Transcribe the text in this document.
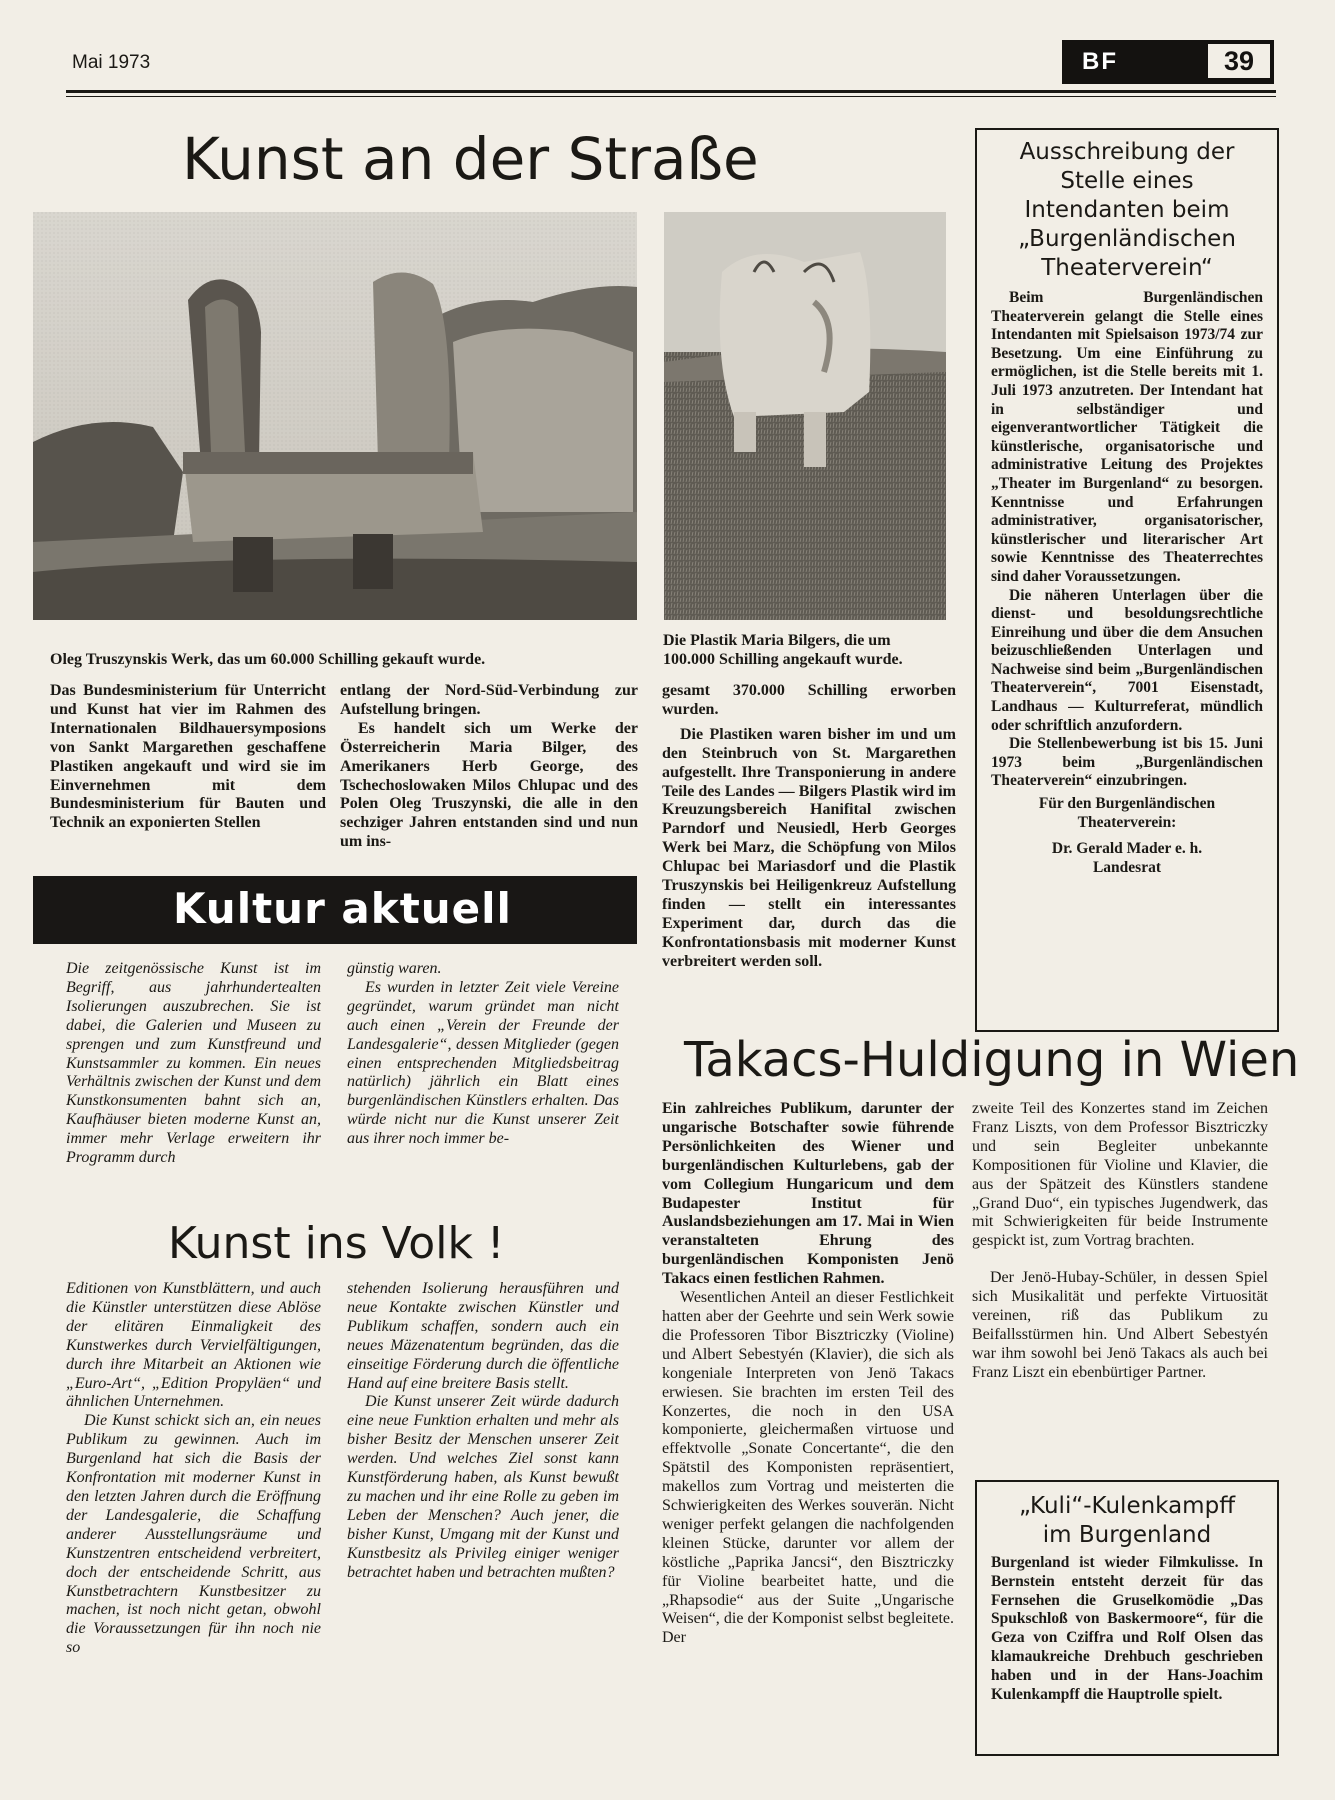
Mai 1973	BF	39
Kunst an der Straße
Oleg Truszynskis Werk, das um 60.000 Schilling gekauft wurde.
Die Plastik Maria Bilgers, die um
100.000 Schilling angekauft wurde.

Das Bundesministerium für Unterricht und Kunst hat vier im Rahmen des Internationalen Bildhauersymposions von Sankt Margarethen geschaffene Plastiken angekauft und wird sie im Einvernehmen mit dem Bundesministerium für Bauten und Technik an exponierten Stellen

entlang der Nord-Süd-Verbindung zur Aufstellung bringen.

Es handelt sich um Werke der Österreicherin Maria Bilger, des Amerikaners Herb George, des Tschechoslowaken Milos Chlupac und des Polen Oleg Truszynski, die alle in den sechziger Jahren entstanden sind und nun um ins-

gesamt 370.000 Schilling erworben wurden.

Die Plastiken waren bisher im und um den Steinbruch von St. Margarethen aufgestellt. Ihre Transponierung in andere Teile des Landes — Bilgers Plastik wird im Kreuzungsbereich Hanifital zwischen Parndorf und Neusiedl, Herb Georges Werk bei Marz, die Schöpfung von Milos Chlupac bei Mariasdorf und die Plastik Truszynskis bei Heiligenkreuz Aufstellung finden — stellt ein interessantes Experiment dar, durch das die Konfrontationsbasis mit moderner Kunst verbreitert werden soll.

Kultur aktuell

Die zeitgenössische Kunst ist im Begriff, aus jahrhundertealten Isolierungen auszubrechen. Sie ist dabei, die Galerien und Museen zu sprengen und zum Kunstfreund und Kunstsammler zu kommen. Ein neues Verhältnis zwischen der Kunst und dem Kunstkonsumenten bahnt sich an, Kaufhäuser bieten moderne Kunst an, immer mehr Verlage erweitern ihr Programm durch

günstig waren.

Es wurden in letzter Zeit viele Vereine gegründet, warum gründet man nicht auch einen „Verein der Freunde der Landesgalerie“, dessen Mitglieder (gegen einen entsprechenden Mitgliedsbeitrag natürlich) jährlich ein Blatt eines burgenländischen Künstlers erhalten. Das würde nicht nur die Kunst unserer Zeit aus ihrer noch immer be-

Kunst ins Volk !

Editionen von Kunstblättern, und auch die Künstler unterstützen diese Ablöse der elitären Einmaligkeit des Kunstwerkes durch Vervielfältigungen, durch ihre Mitarbeit an Aktionen wie „Euro-Art“, „Edition Propyläen“ und ähnlichen Unternehmen.

Die Kunst schickt sich an, ein neues Publikum zu gewinnen. Auch im Burgenland hat sich die Basis der Konfrontation mit moderner Kunst in den letzten Jahren durch die Eröffnung der Landesgalerie, die Schaffung anderer Ausstellungsräume und Kunstzentren entscheidend verbreitert, doch der entscheidende Schritt, aus Kunstbetrachtern Kunstbesitzer zu machen, ist noch nicht getan, obwohl die Voraussetzungen für ihn noch nie so

stehenden Isolierung herausführen und neue Kontakte zwischen Künstler und Publikum schaffen, sondern auch ein neues Mäzenatentum begründen, das die einseitige Förderung durch die öffentliche Hand auf eine breitere Basis stellt.

Die Kunst unserer Zeit würde dadurch eine neue Funktion erhalten und mehr als bisher Besitz der Menschen unserer Zeit werden. Und welches Ziel sonst kann Kunstförderung haben, als Kunst bewußt zu machen und ihr eine Rolle zu geben im Leben der Menschen? Auch jener, die bisher Kunst, Umgang mit der Kunst und Kunstbesitz als Privileg einiger weniger betrachtet haben und betrachten mußten?

Ausschreibung der Stelle eines Intendanten beim „Burgenländischen Theaterverein“

Beim Burgenländischen Theaterverein gelangt die Stelle eines Intendanten mit Spielsaison 1973/74 zur Besetzung. Um eine Einführung zu ermöglichen, ist die Stelle bereits mit 1. Juli 1973 anzutreten. Der Intendant hat in selbständiger und eigenverantwortlicher Tätigkeit die künstlerische, organisatorische und administrative Leitung des Projektes „Theater im Burgenland“ zu besorgen. Kenntnisse und Erfahrungen administrativer, organisatorischer, künstlerischer und literarischer Art sowie Kenntnisse des Theaterrechtes sind daher Voraussetzungen.

Die näheren Unterlagen über die dienst- und besoldungsrechtliche Einreihung und über die dem Ansuchen beizuschließenden Unterlagen und Nachweise sind beim „Burgenländischen Theaterverein“, 7001 Eisenstadt, Landhaus — Kulturreferat, mündlich oder schriftlich anzufordern.

Die Stellenbewerbung ist bis 15. Juni 1973 beim „Burgenländischen Theaterverein“ einzubringen.

Für den Burgenländischen
Theaterverein:
Dr. Gerald Mader e. h.
Landesrat
Takacs-Huldigung in Wien

Ein zahlreiches Publikum, darunter der ungarische Botschafter sowie führende Persönlichkeiten des Wiener und burgenländischen Kulturlebens, gab der vom Collegium Hungaricum und dem Budapester Institut für Auslandsbeziehungen am 17. Mai in Wien veranstalteten Ehrung des burgenländischen Komponisten Jenö Takacs einen festlichen Rahmen.

Wesentlichen Anteil an dieser Festlichkeit hatten aber der Geehrte und sein Werk sowie die Professoren Tibor Bisztriczky (Violine) und Albert Sebestyén (Klavier), die sich als kongeniale Interpreten von Jenö Takacs erwiesen. Sie brachten im ersten Teil des Konzertes, die noch in den USA komponierte, gleichermaßen virtuose und effektvolle „Sonate Concertante“, die den Spätstil des Komponisten repräsentiert, makellos zum Vortrag und meisterten die Schwierigkeiten des Werkes souverän. Nicht weniger perfekt gelangen die nachfolgenden kleinen Stücke, darunter vor allem der köstliche „Paprika Jancsi“, den Bisztriczky für Violine bearbeitet hatte, und die „Rhapsodie“ aus der Suite „Ungarische Weisen“, die der Komponist selbst begleitete. Der

zweite Teil des Konzertes stand im Zeichen Franz Liszts, von dem Professor Bisztriczky und sein Begleiter unbekannte Kompositionen für Violine und Klavier, die aus der Spätzeit des Künstlers standene „Grand Duo“, ein typisches Jugendwerk, das mit Schwierigkeiten für beide Instrumente gespickt ist, zum Vortrag brachten.

Der Jenö-Hubay-Schüler, in dessen Spiel sich Musikalität und perfekte Virtuosität vereinen, riß das Publikum zu Beifallsstürmen hin. Und Albert Sebestyén war ihm sowohl bei Jenö Takacs als auch bei Franz Liszt ein ebenbürtiger Partner.

„Kuli“-Kulenkampff
im Burgenland

Burgenland ist wieder Filmkulisse. In Bernstein entsteht derzeit für das Fernsehen die Gruselkomödie „Das Spukschloß von Baskermoore“, für die Geza von Cziffra und Rolf Olsen das klamaukreiche Drehbuch geschrieben haben und in der Hans-Joachim Kulenkampff die Hauptrolle spielt.
